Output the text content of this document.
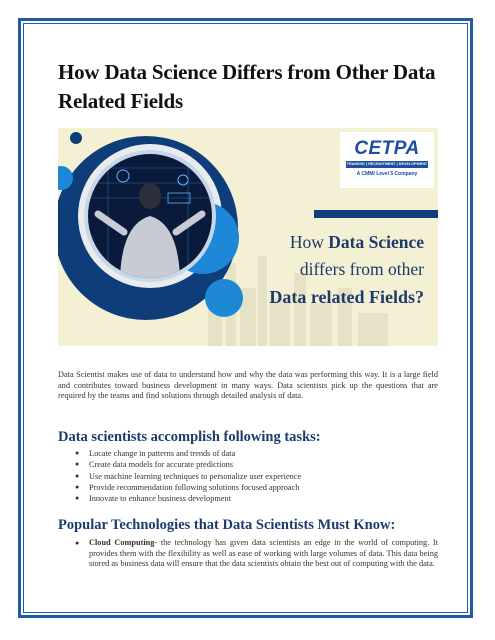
How Data Science Differs from Other Data Related Fields
CETPA
TRAINING | RECRUITMENT | DEVELOPMENT
A CMMI Level 5 Company
How Data Science
differs from other
Data related Fields?

Data Scientist makes use of data to understand how and why the data was performing this way. It is a large field and contributes toward business development in many ways. Data scientists pick up the questions that are required by the teams and find solutions through detailed analysis of data.

Data scientists accomplish following tasks:
● Locate change in patterns and trends of data
● Create data models for accurate predictions
● Use machine learning techniques to personalize user experience
● Provide recommendation following solutions focused approach
● Innovate to enhance business development
Popular Technologies that Data Scientists Must Know:
● Cloud Computing- the technology has given data scientists an edge in the world of computing. It provides them with the flexibility as well as ease of working with large volumes of data. This data being stored as business data will ensure that the data scientists obtain the best out of computing with the data.
